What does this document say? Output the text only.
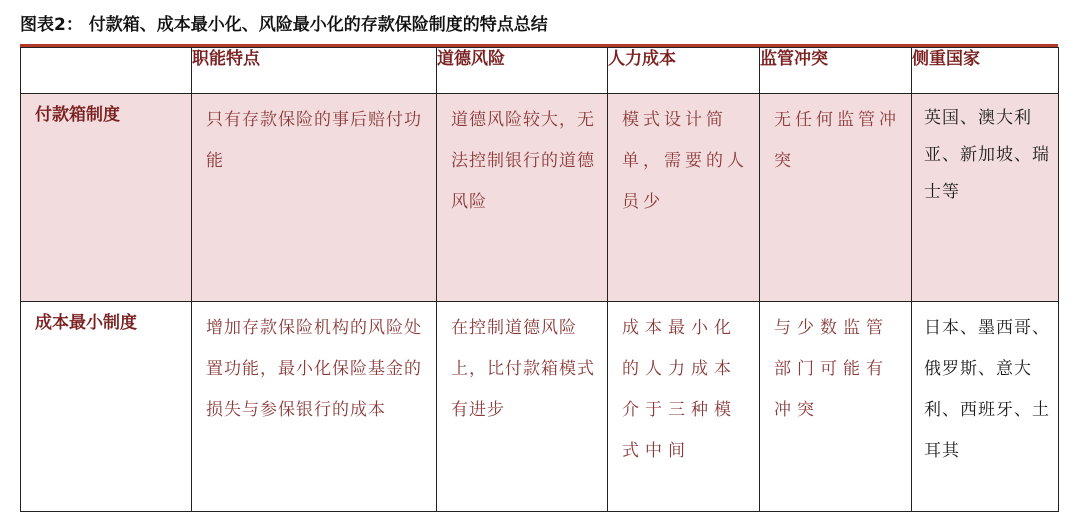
图表2： 付款箱、成本最小化、风险最小化的存款保险制度的特点总结
	职能特点	道德风险	人力成本	监管冲突	侧重国家
付款箱制度	只有存款保险的事后赔付功能	道德风险较大，无法控制银行的道德风险	模式设计简单，需要的人员少	无任何监管冲突	英国、澳大利亚、新加坡、瑞士等
成本最小制度	增加存款保险机构的风险处置功能，最小化保险基金的损失与参保银行的成本	在控制道德风险上，比付款箱模式有进步	成本最小化的人力成本介于三种模式中间	与少数监管部门可能有冲突	日本、墨西哥、俄罗斯、意大利、西班牙、土耳其
